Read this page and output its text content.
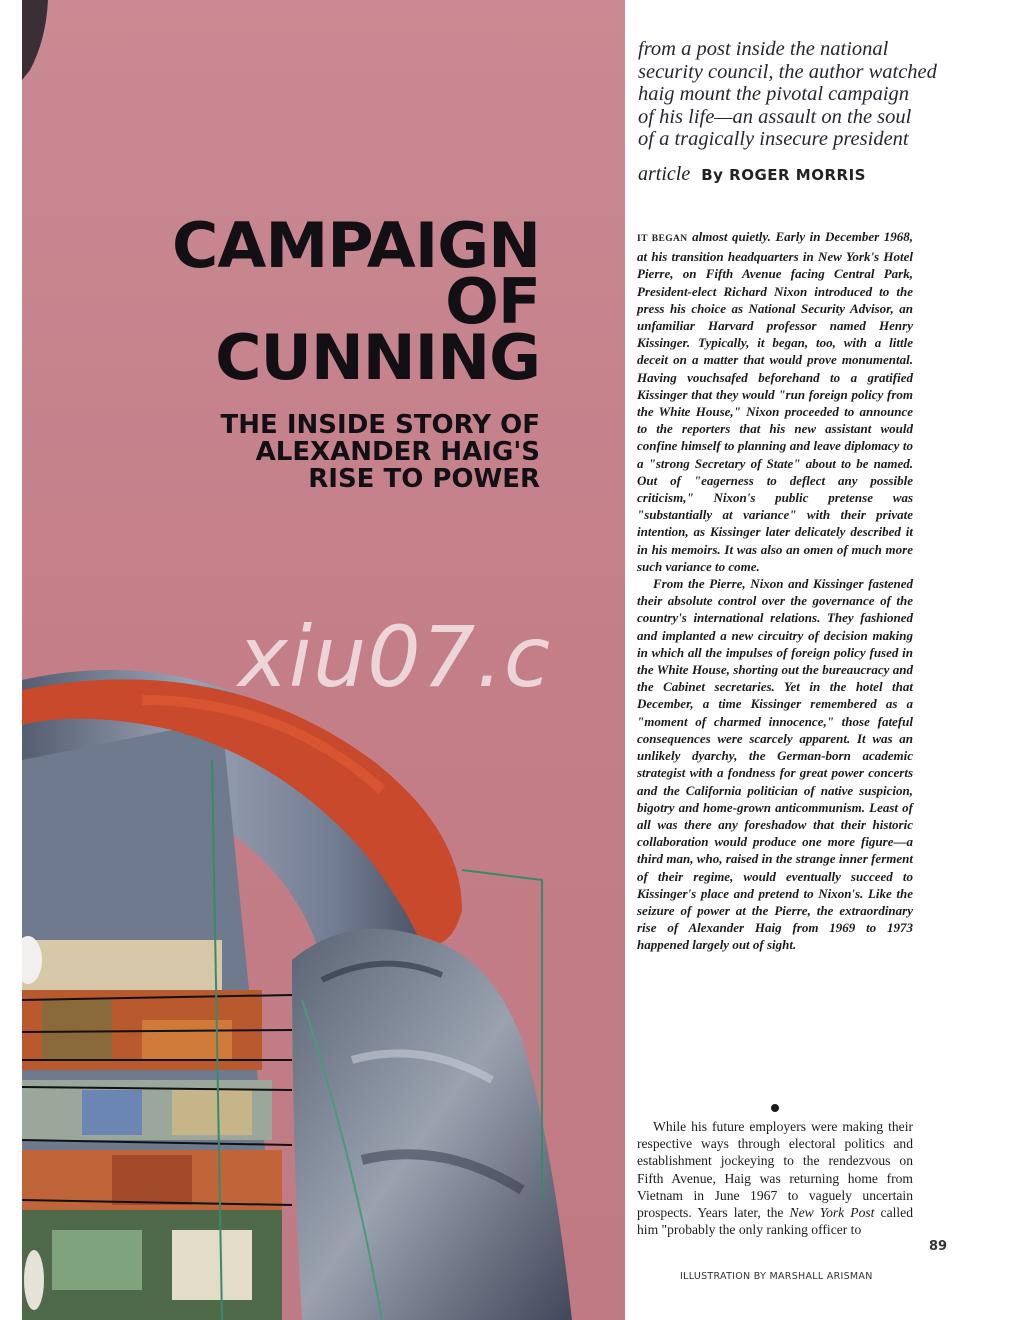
CAMPAIGN
OF
CUNNING
THE INSIDE STORY OF
ALEXANDER HAIG'S
RISE TO POWER
from a post inside the national
security council, the author watched
haig mount the pivotal campaign
of his life—an assault on the soul
of a tragically insecure president
article By ROGER MORRIS

IT BEGAN almost quietly. Early in December 1968, at his transition headquarters in New York's Hotel Pierre, on Fifth Avenue facing Central Park, President-elect Richard Nixon introduced to the press his choice as National Security Advisor, an unfamiliar Harvard professor named Henry Kissinger. Typically, it began, too, with a little deceit on a matter that would prove monumental. Having vouchsafed beforehand to a gratified Kissinger that they would "run foreign policy from the White House," Nixon proceeded to announce to the reporters that his new assistant would confine himself to planning and leave diplomacy to a "strong Secretary of State" about to be named. Out of "eagerness to deflect any possible criticism," Nixon's public pretense was "substantially at variance" with their private intention, as Kissinger later delicately described it in his memoirs. It was also an omen of much more such variance to come.

From the Pierre, Nixon and Kissinger fastened their absolute control over the governance of the country's international relations. They fashioned and implanted a new circuitry of decision making in which all the impulses of foreign policy fused in the White House, shorting out the bureaucracy and the Cabinet secretaries. Yet in the hotel that December, a time Kissinger remembered as a "moment of charmed innocence," those fateful consequences were scarcely apparent. It was an unlikely dyarchy, the German-born academic strategist with a fondness for great power concerts and the California politician of native suspicion, bigotry and home-grown anticommunism. Least of all was there any foreshadow that their historic collaboration would produce one more figure—a third man, who, raised in the strange inner ferment of their regime, would eventually succeed to Kissinger's place and pretend to Nixon's. Like the seizure of power at the Pierre, the extraordinary rise of Alexander Haig from 1969 to 1973 happened largely out of sight.

While his future employers were making their respective ways through electoral politics and establishment jockeying to the rendezvous on Fifth Avenue, Haig was returning home from Vietnam in June 1967 to vaguely uncertain prospects. Years later, the New York Post called him "probably the only ranking officer to

89
ILLUSTRATION BY MARSHALL ARISMAN
xiu07.c
